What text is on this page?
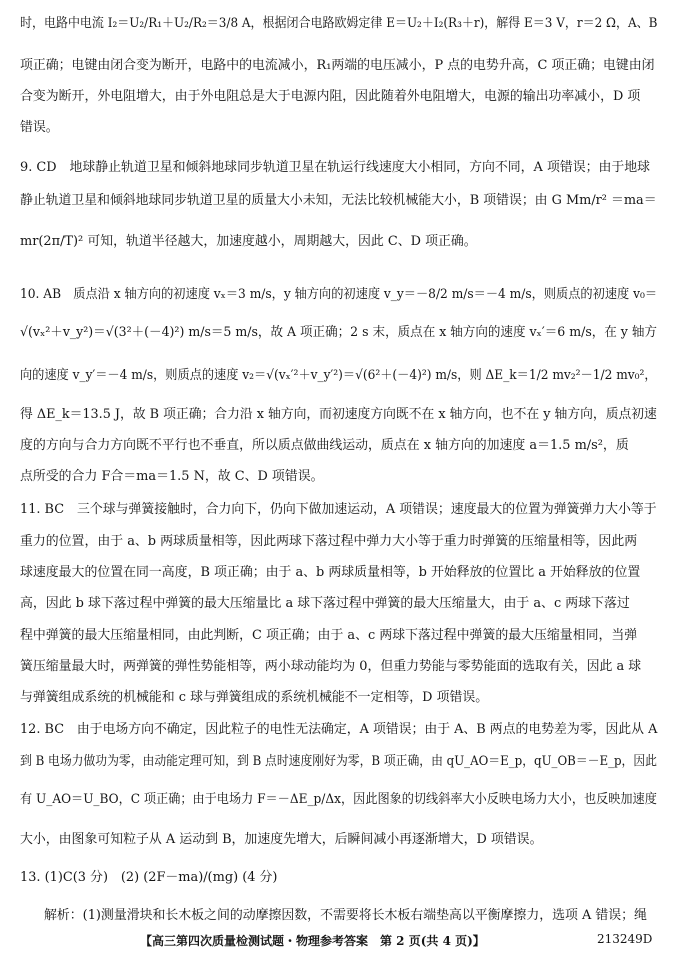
时，电路中电流 I₂＝U₂/R₁＋U₂/R₂＝3/8 A，根据闭合电路欧姆定律 E＝U₂＋I₂(R₃＋r)，解得 E＝3 V，r＝2 Ω，A、B
项正确；电键由闭合变为断开，电路中的电流减小，R₁两端的电压减小，P 点的电势升高，C 项正确；电键由闭
合变为断开，外电阻增大，由于外电阻总是大于电源内阻，因此随着外电阻增大，电源的输出功率减小，D 项
错误。
9. CD　地球静止轨道卫星和倾斜地球同步轨道卫星在轨运行线速度大小相同，方向不同，A 项错误；由于地球
静止轨道卫星和倾斜地球同步轨道卫星的质量大小未知，无法比较机械能大小，B 项错误；由 G Mm/r² ＝ma＝
mr(2π/T)² 可知，轨道半径越大，加速度越小，周期越大，因此 C、D 项正确。
10. AB　质点沿 x 轴方向的初速度 vₓ＝3 m/s，y 轴方向的初速度 v_y＝－8/2 m/s＝－4 m/s，则质点的初速度 v₀＝
√(vₓ²＋v_y²)＝√(3²＋(－4)²) m/s＝5 m/s，故 A 项正确；2 s 末，质点在 x 轴方向的速度 vₓ′＝6 m/s，在 y 轴方
向的速度 v_y′＝－4 m/s，则质点的速度 v₂＝√(vₓ′²＋v_y′²)＝√(6²＋(－4)²) m/s，则 ΔE_k＝1/2 mv₂²－1/2 mv₀²，
得 ΔE_k＝13.5 J，故 B 项正确；合力沿 x 轴方向，而初速度方向既不在 x 轴方向，也不在 y 轴方向，质点初速
度的方向与合力方向既不平行也不垂直，所以质点做曲线运动，质点在 x 轴方向的加速度 a＝1.5 m/s²，质
点所受的合力 F合＝ma＝1.5 N，故 C、D 项错误。
11. BC　三个球与弹簧接触时，合力向下，仍向下做加速运动，A 项错误；速度最大的位置为弹簧弹力大小等于
重力的位置，由于 a、b 两球质量相等，因此两球下落过程中弹力大小等于重力时弹簧的压缩量相等，因此两
球速度最大的位置在同一高度，B 项正确；由于 a、b 两球质量相等，b 开始释放的位置比 a 开始释放的位置
高，因此 b 球下落过程中弹簧的最大压缩量比 a 球下落过程中弹簧的最大压缩量大，由于 a、c 两球下落过
程中弹簧的最大压缩量相同，由此判断，C 项正确；由于 a、c 两球下落过程中弹簧的最大压缩量相同，当弹
簧压缩量最大时，两弹簧的弹性势能相等，两小球动能均为 0，但重力势能与零势能面的选取有关，因此 a 球
与弹簧组成系统的机械能和 c 球与弹簧组成的系统机械能不一定相等，D 项错误。
12. BC　由于电场方向不确定，因此粒子的电性无法确定，A 项错误；由于 A、B 两点的电势差为零，因此从 A
到 B 电场力做功为零，由动能定理可知，到 B 点时速度刚好为零，B 项正确，由 qU_AO＝E_p，qU_OB＝－E_p，因此
有 U_AO＝U_BO，C 项正确；由于电场力 F＝－ΔE_p/Δx，因此图象的切线斜率大小反映电场力大小，也反映加速度
大小，由图象可知粒子从 A 运动到 B，加速度先增大，后瞬间减小再逐渐增大，D 项错误。
13. (1)C(3 分)　(2) (2F－ma)/(mg) (4 分)
解析：(1)测量滑块和长木板之间的动摩擦因数，不需要将长木板右端垫高以平衡摩擦力，选项 A 错误；绳
【高三第四次质量检测试题・物理参考答案　第 2 页(共 4 页)】	213249D
